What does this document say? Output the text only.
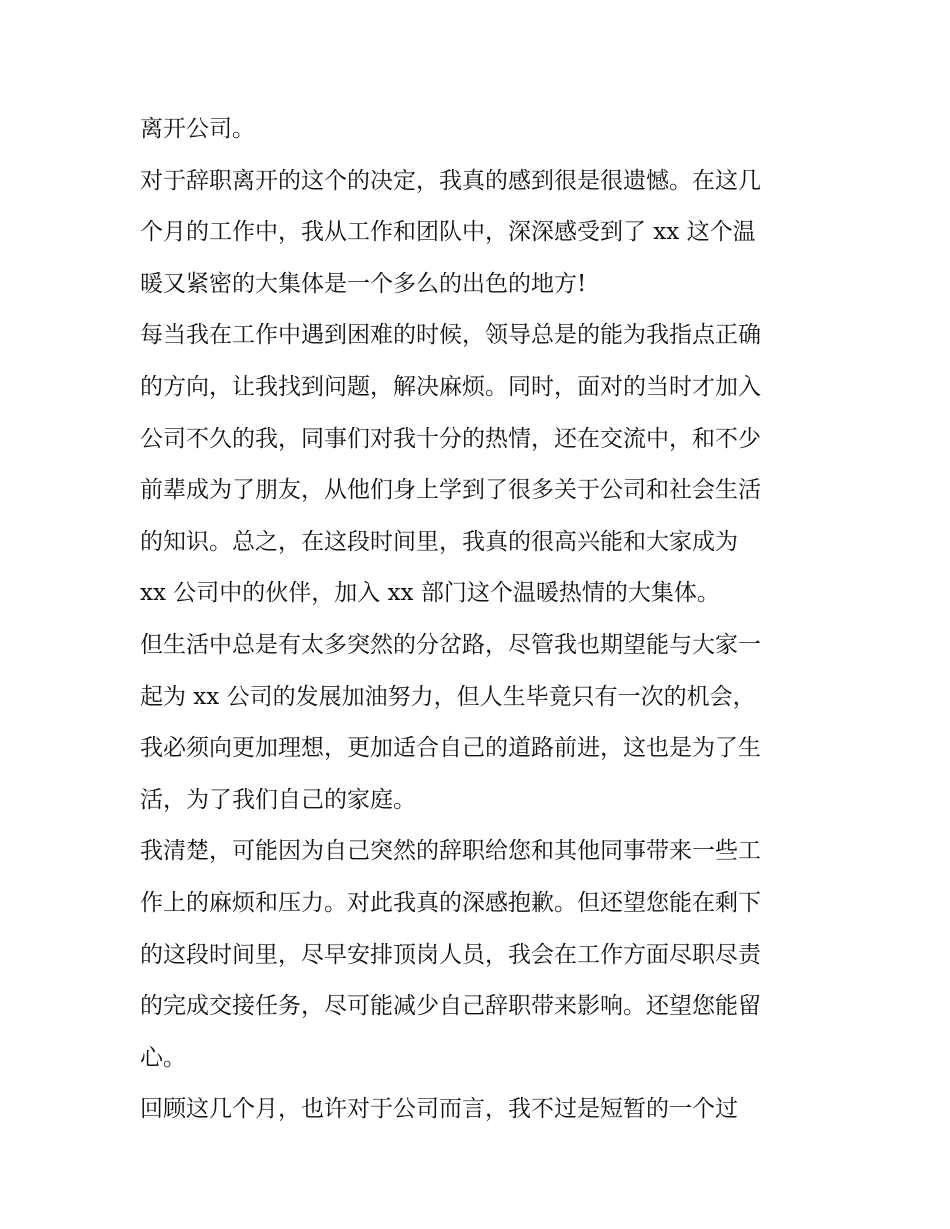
离开公司。
对于辞职离开的这个的决定，我真的感到很是很遗憾。在这几
个月的工作中，我从工作和团队中，深深感受到了 xx 这个温
暖又紧密的大集体是一个多么的出色的地方!
每当我在工作中遇到困难的时候，领导总是的能为我指点正确
的方向，让我找到问题，解决麻烦。同时，面对的当时才加入
公司不久的我，同事们对我十分的热情，还在交流中，和不少
前辈成为了朋友，从他们身上学到了很多关于公司和社会生活
的知识。总之，在这段时间里，我真的很高兴能和大家成为
xx 公司中的伙伴，加入 xx 部门这个温暖热情的大集体。
但生活中总是有太多突然的分岔路，尽管我也期望能与大家一
起为 xx 公司的发展加油努力，但人生毕竟只有一次的机会，
我必须向更加理想，更加适合自己的道路前进，这也是为了生
活，为了我们自己的家庭。
我清楚，可能因为自己突然的辞职给您和其他同事带来一些工
作上的麻烦和压力。对此我真的深感抱歉。但还望您能在剩下
的这段时间里，尽早安排顶岗人员，我会在工作方面尽职尽责
的完成交接任务，尽可能减少自己辞职带来影响。还望您能留
心。
回顾这几个月，也许对于公司而言，我不过是短暂的一个过
